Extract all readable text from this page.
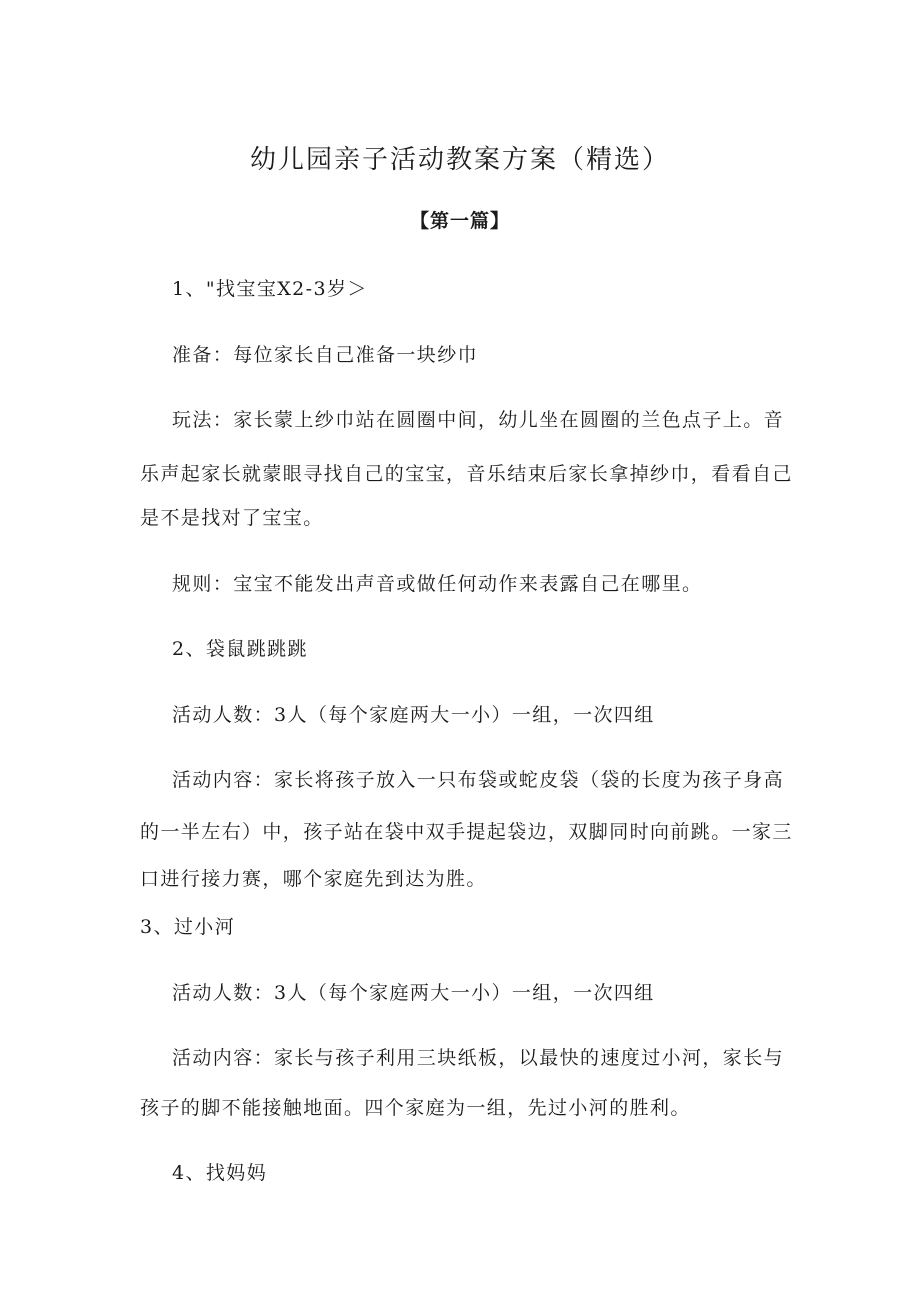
幼儿园亲子活动教案方案（精选）
【第一篇】
1、"找宝宝X2-3岁＞
准备：每位家长自己准备一块纱巾
玩法：家长蒙上纱巾站在圆圈中间，幼儿坐在圆圈的兰色点子上。音
乐声起家长就蒙眼寻找自己的宝宝，音乐结束后家长拿掉纱巾，看看自己
是不是找对了宝宝。
规则：宝宝不能发出声音或做任何动作来表露自己在哪里。
2、袋鼠跳跳跳
活动人数：3人（每个家庭两大一小）一组，一次四组
活动内容：家长将孩子放入一只布袋或蛇皮袋（袋的长度为孩子身高
的一半左右）中，孩子站在袋中双手提起袋边，双脚同时向前跳。一家三
口进行接力赛，哪个家庭先到达为胜。
3、过小河
活动人数：3人（每个家庭两大一小）一组，一次四组
活动内容：家长与孩子利用三块纸板，以最快的速度过小河，家长与
孩子的脚不能接触地面。四个家庭为一组，先过小河的胜利。
4、找妈妈
